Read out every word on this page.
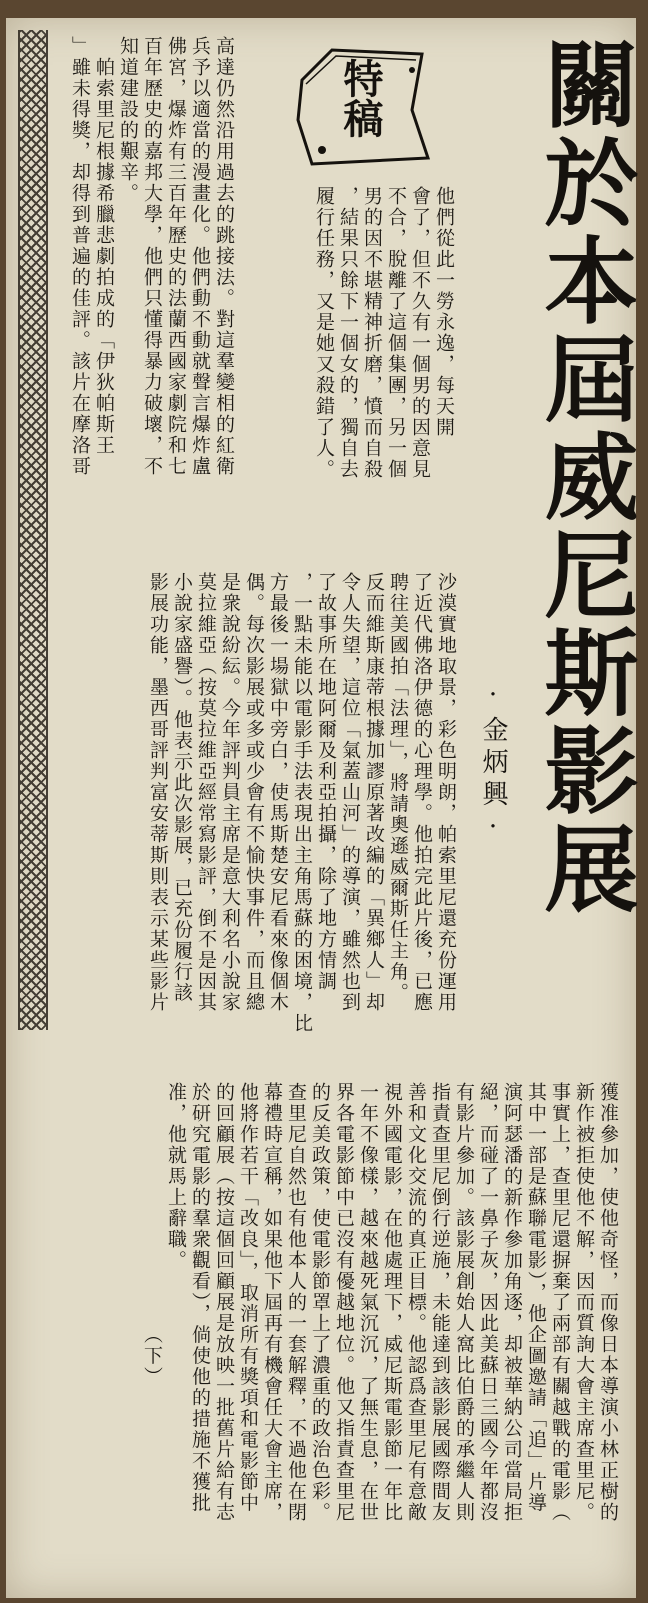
關於本屆威尼斯影展
·金炳興·
特稿
他們從此一勞永逸，每天開
會了，但不久有一個男的因意見
不合，脫離了這個集團，另一個
男的因不堪精神折磨，憤而自殺
，結果只餘下一個女的，獨自去
履行任務，又是她又殺錯了人。
沙漠實地取景，彩色明朗，帕索里尼還充份運用
了近代佛洛伊德的心理學。他拍完此片後，已應
聘往美國拍「法理」，將請奧遜威爾斯任主角。
反而維斯康蒂根據加謬原著改編的「異鄉人」却
令人失望，這位「氣蓋山河」的導演，雖然也到
了故事所在地阿爾及利亞拍攝，除了地方情調
，一點未能以電影手法表現出主角馬蘇的困境，比
方最後一場獄中旁白，使馬斯楚安尼看來像個木
偶。每次影展或多或少會有不愉快事件，而且總
是衆說紛紜。今年評判員主席是意大利名小說家
莫拉維亞（按莫拉維亞經常寫影評，倒不是因其
小說家盛譽）。他表示此次影展，已充份履行該
影展功能，墨西哥評判富安蒂斯則表示某些影片
高達仍然沿用過去的跳接法。對這羣變相的紅衛
兵予以適當的漫畫化。他們動不動就聲言爆炸盧
佛宮，爆炸有三百年歷史的法蘭西國家劇院和七
百年歷史的嘉邦大學，他們只懂得暴力破壞，不
知道建設的艱辛。
　帕索里尼根據希臘悲劇拍成的「伊狄帕斯王
」雖未得獎，却得到普遍的佳評。該片在摩洛哥
獲准參加，使他奇怪，而像日本導演小林正樹的
新作被拒使他不解，因而質詢大會主席查里尼。
事實上，查里尼還摒棄了兩部有關越戰的電影（
其中一部是蘇聯電影），他企圖邀請「追」片導
演阿瑟潘的新作參加角逐，却被華納公司當局拒
絕，而碰了一鼻子灰，因此美蘇日三國今年都沒
有影片參加。該影展創始人窩比伯爵的承繼人則
指責查里尼倒行逆施，未能達到該影展國際間友
善和文化交流的真正目標。他認爲查里尼有意敵
視外國電影，在他處理下，威尼斯電影節一年比
一年不像樣，越來越死氣沉沉，了無生息，在世
界各電影節中已沒有優越地位。他又指責查里尼
的反美政策，使電影節罩上了濃重的政治色彩。
查里尼自然也有他本人的一套解釋，不過他在閉
幕禮時宣稱，如果他下屆再有機會任大會主席，
他將作若干「改良」，取消所有獎項和電影節中
的回顧展（按這個回顧展是放映一批舊片給有志
於研究電影的羣衆觀看），倘使他的措施不獲批
准，他就馬上辭職。
　　　　　　　　　　　　（下）
